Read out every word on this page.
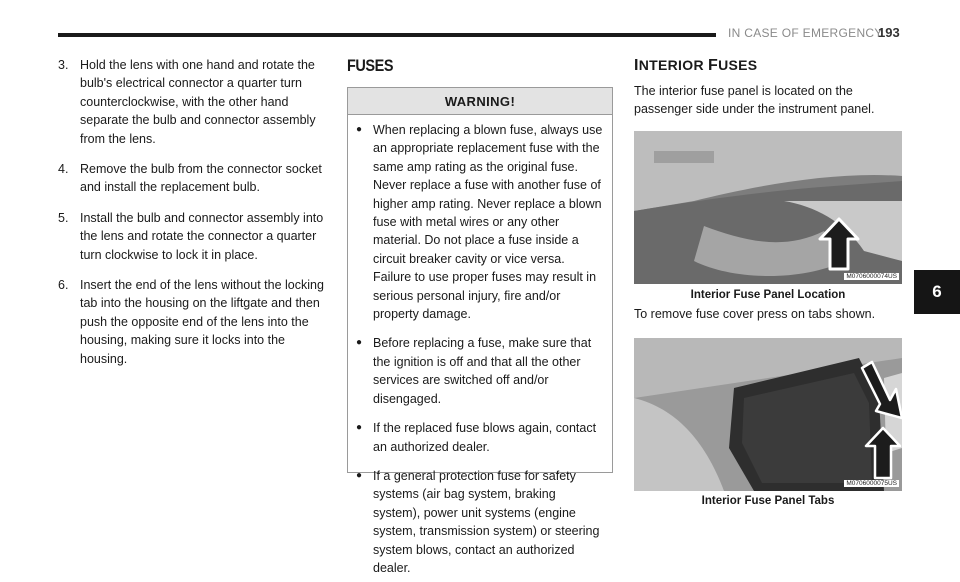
IN CASE OF EMERGENCY
193
6
3. Hold the lens with one hand and rotate the bulb's electrical connector a quarter turn counterclockwise, with the other hand separate the bulb and connector assembly from the lens.
4. Remove the bulb from the connector socket and install the replacement bulb.
5. Install the bulb and connector assembly into the lens and rotate the connector a quarter turn clockwise to lock it in place.
6. Insert the end of the lens without the locking tab into the housing on the liftgate and then push the opposite end of the lens into the housing, making sure it locks into the housing.
FUSES
WARNING!
● When replacing a blown fuse, always use an appropriate replacement fuse with the same amp rating as the original fuse. Never replace a fuse with another fuse of higher amp rating. Never replace a blown fuse with metal wires or any other material. Do not place a fuse inside a circuit breaker cavity or vice versa. Failure to use proper fuses may result in serious personal injury, fire and/or property damage.
● Before replacing a fuse, make sure that the ignition is off and that all the other services are switched off and/or disengaged.
● If the replaced fuse blows again, contact an authorized dealer.
● If a general protection fuse for safety systems (air bag system, braking system), power unit systems (engine system, transmission system) or steering system blows, contact an authorized dealer.
INTERIOR FUSES
The interior fuse panel is located on the passenger side under the instrument panel.
M0706000074US
Interior Fuse Panel Location
To remove fuse cover press on tabs shown.
M0706000075US
Interior Fuse Panel Tabs
